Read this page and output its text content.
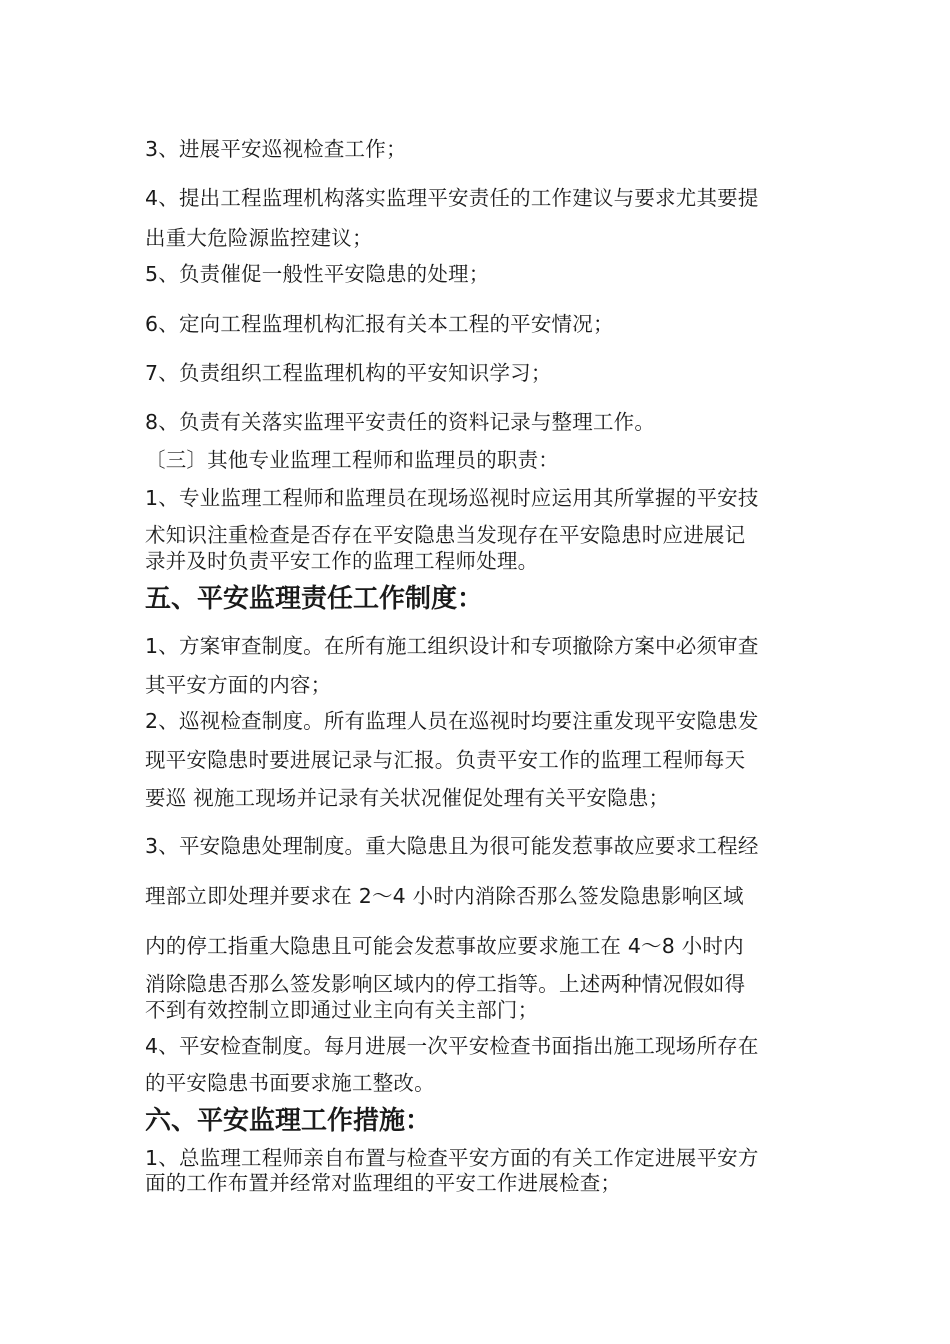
3、进展平安巡视检查工作；
4、提出工程监理机构落实监理平安责任的工作建议与要求尤其要提
出重大危险源监控建议；
5、负责催促一般性平安隐患的处理；
6、定向工程监理机构汇报有关本工程的平安情况；
7、负责组织工程监理机构的平安知识学习；
8、负责有关落实监理平安责任的资料记录与整理工作。
〔三〕其他专业监理工程师和监理员的职责：
1、专业监理工程师和监理员在现场巡视时应运用其所掌握的平安技
术知识注重检查是否存在平安隐患当发现存在平安隐患时应进展记
录并及时负责平安工作的监理工程师处理。
五、平安监理责任工作制度：
1、方案审查制度。在所有施工组织设计和专项撤除方案中必须审查
其平安方面的内容；
2、巡视检查制度。所有监理人员在巡视时均要注重发现平安隐患发
现平安隐患时要进展记录与汇报。负责平安工作的监理工程师每天
要巡 视施工现场并记录有关状况催促处理有关平安隐患；
3、平安隐患处理制度。重大隐患且为很可能发惹事故应要求工程经
理部立即处理并要求在 2～4 小时内消除否那么签发隐患影响区域
内的停工指重大隐患且可能会发惹事故应要求施工在 4～8 小时内
消除隐患否那么签发影响区域内的停工指等。上述两种情况假如得
不到有效控制立即通过业主向有关主部门；
4、平安检查制度。每月进展一次平安检查书面指出施工现场所存在
的平安隐患书面要求施工整改。
六、平安监理工作措施：
1、总监理工程师亲自布置与检查平安方面的有关工作定进展平安方
面的工作布置并经常对监理组的平安工作进展检查；
